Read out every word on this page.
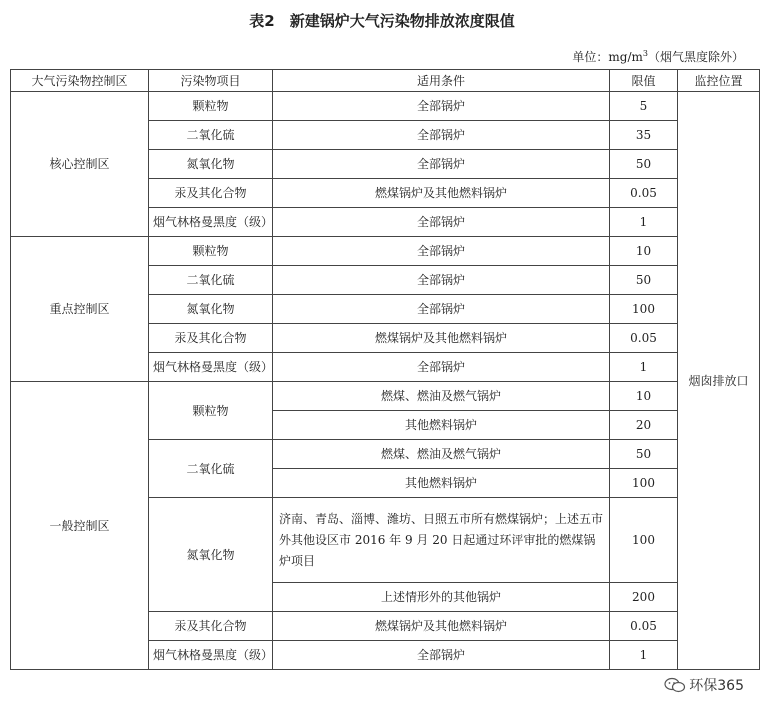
表2　新建锅炉大气污染物排放浓度限值
单位：$mg/m^3$（烟气黑度除外）
大气污染物控制区	污染物项目	适用条件	限值	监控位置
核心控制区	颗粒物	全部锅炉	5	烟囱排放口
	二氧化硫	全部锅炉	35	
	氮氧化物	全部锅炉	50	
	汞及其化合物	燃煤锅炉及其他燃料锅炉	0.05	
	烟气林格曼黑度（级）	全部锅炉	1	
重点控制区	颗粒物	全部锅炉	10	
	二氧化硫	全部锅炉	50	
	氮氧化物	全部锅炉	100	
	汞及其化合物	燃煤锅炉及其他燃料锅炉	0.05	
	烟气林格曼黑度（级）	全部锅炉	1	
一般控制区	颗粒物	燃煤、燃油及燃气锅炉	10	
		其他燃料锅炉	20	
	二氧化硫	燃煤、燃油及燃气锅炉	50	
		其他燃料锅炉	100	
	氮氧化物	济南、青岛、淄博、潍坊、日照五市所有燃煤锅炉；上述五市外其他设区市 2016 年 9 月 20 日起通过环评审批的燃煤锅炉项目	100	
		上述情形外的其他锅炉	200	
	汞及其化合物	燃煤锅炉及其他燃料锅炉	0.05	
	烟气林格曼黑度（级）	全部锅炉	1	
环保365
